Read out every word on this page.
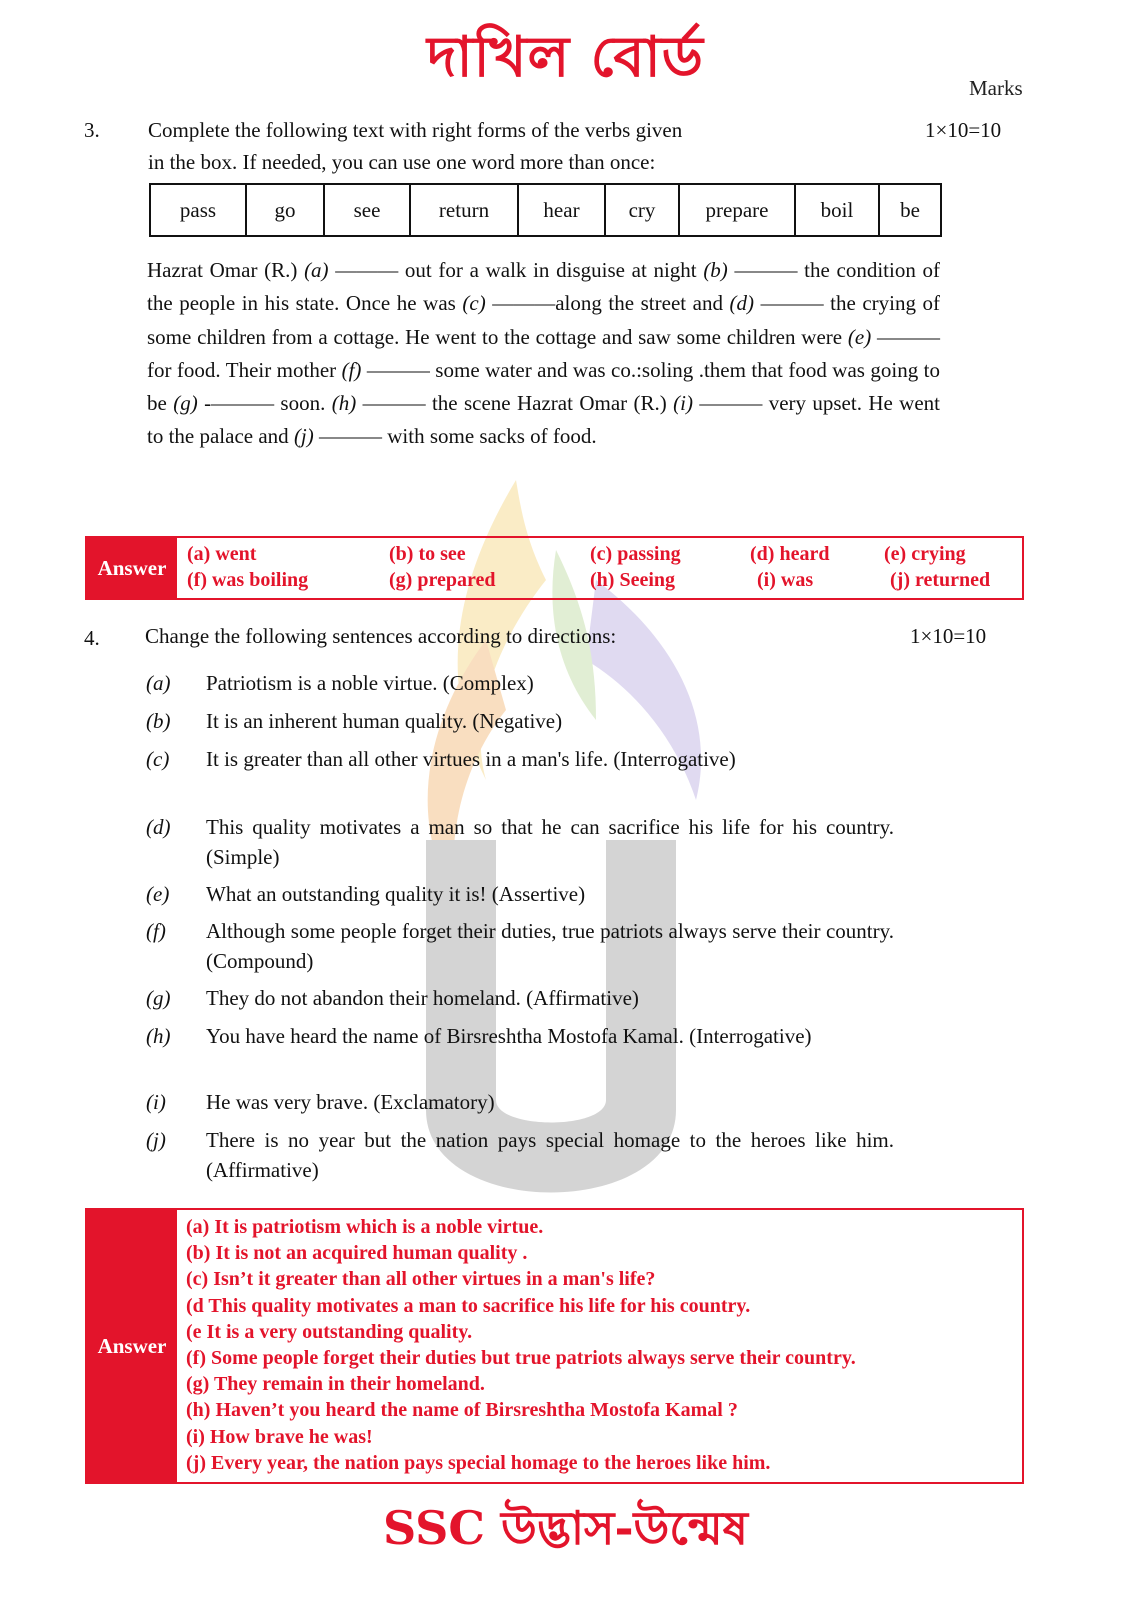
দাখিল বোর্ড	Marks
3. Complete the following text with right forms of the verbs given
in the box. If needed, you can use one word more than once:
1×10=10
pass	go	see	return	hear	cry	prepare	boil	be
Hazrat Omar (R.) (a) ——— out for a walk in disguise at night (b) ——— the condition of the people in his state. Once he was (c) ———along the street and (d) ——— the crying of some children from a cottage. He went to the cottage and saw some children were (e) ——— for food. Their mother (f) ——— some water and was co.:soling .them that food was going to be (g) -——— soon. (h) ——— the scene Hazrat Omar (R.) (i) ——— very upset. He went to the palace and (j) ——— with some sacks of food.
Answer
(a) went	(b) to see	(c) passing	(d) heard	(e) crying
(f) was boiling	(g) prepared	(h) Seeing	(i) was	(j) returned
4. Change the following sentences according to directions:	1×10=10
(a)	Patriotism is a noble virtue. (Complex)
(b)	It is an inherent human quality. (Negative)
(c)	It is greater than all other virtues in a man's life. (Interrogative)
(d)	This quality motivates a man so that he can sacrifice his life for his country. (Simple)
(e)	What an outstanding quality it is! (Assertive)
(f)	Although some people forget their duties, true patriots always serve their country. (Compound)
(g)	They do not abandon their homeland. (Affirmative)
(h)	You have heard the name of Birsreshtha Mostofa Kamal. (Interrogative)
(i)	He was very brave. (Exclamatory)
(j)	There is no year but the nation pays special homage to the heroes like him. (Affirmative)
Answer
(a) It is patriotism which is a noble virtue.
(b) It is not an acquired human quality .
(c) Isn’t it greater than all other virtues in a man's life?
(d This quality motivates a man to sacrifice his life for his country.
(e It is a very outstanding quality.
(f) Some people forget their duties but true patriots always serve their country.
(g) They remain in their homeland.
(h) Haven’t you heard the name of Birsreshtha Mostofa Kamal ?
(i) How brave he was!
(j) Every year, the nation pays special homage to the heroes like him.
SSC উদ্ভাস-উন্মেষ
